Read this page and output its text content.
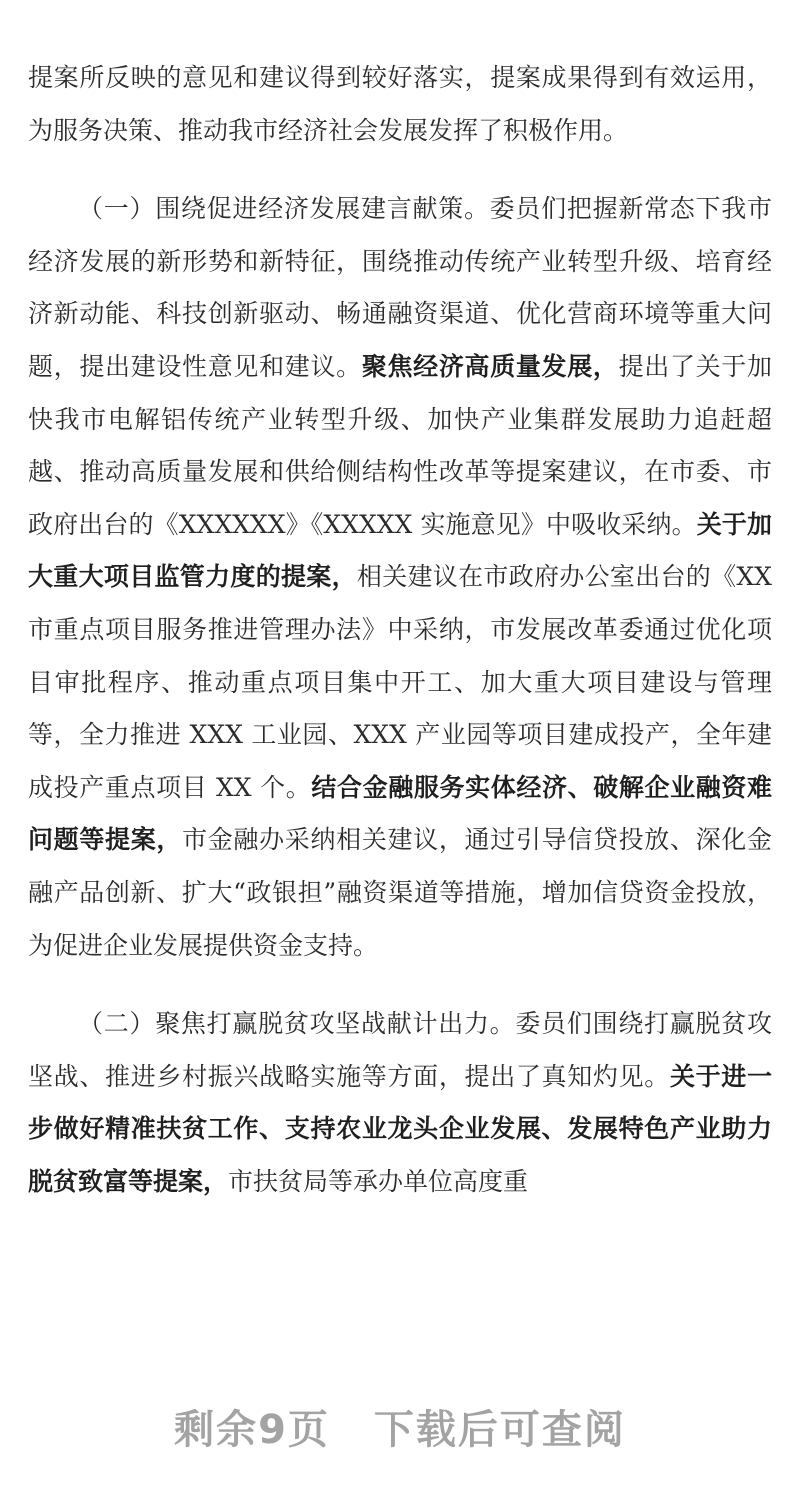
提案所反映的意见和建议得到较好落实，提案成果得到有效运用，为服务决策、推动我市经济社会发展发挥了积极作用。

（一）围绕促进经济发展建言献策。委员们把握新常态下我市经济发展的新形势和新特征，围绕推动传统产业转型升级、培育经济新动能、科技创新驱动、畅通融资渠道、优化营商环境等重大问题，提出建设性意见和建议。聚焦经济高质量发展，提出了关于加快我市电解铝传统产业转型升级、加快产业集群发展助力追赶超越、推动高质量发展和供给侧结构性改革等提案建议，在市委、市政府出台的《XXXXXX》《XXXXX 实施意见》中吸收采纳。关于加大重大项目监管力度的提案，相关建议在市政府办公室出台的《XX 市重点项目服务推进管理办法》中采纳，市发展改革委通过优化项目审批程序、推动重点项目集中开工、加大重大项目建设与管理等，全力推进 XXX 工业园、XXX 产业园等项目建成投产，全年建成投产重点项目 XX 个。结合金融服务实体经济、破解企业融资难问题等提案，市金融办采纳相关建议，通过引导信贷投放、深化金融产品创新、扩大“政银担”融资渠道等措施，增加信贷资金投放，为促进企业发展提供资金支持。

（二）聚焦打赢脱贫攻坚战献计出力。委员们围绕打赢脱贫攻坚战、推进乡村振兴战略实施等方面，提出了真知灼见。关于进一步做好精准扶贫工作、支持农业龙头企业发展、发展特色产业助力脱贫致富等提案，市扶贫局等承办单位高度重

剩余9页 下载后可查阅
